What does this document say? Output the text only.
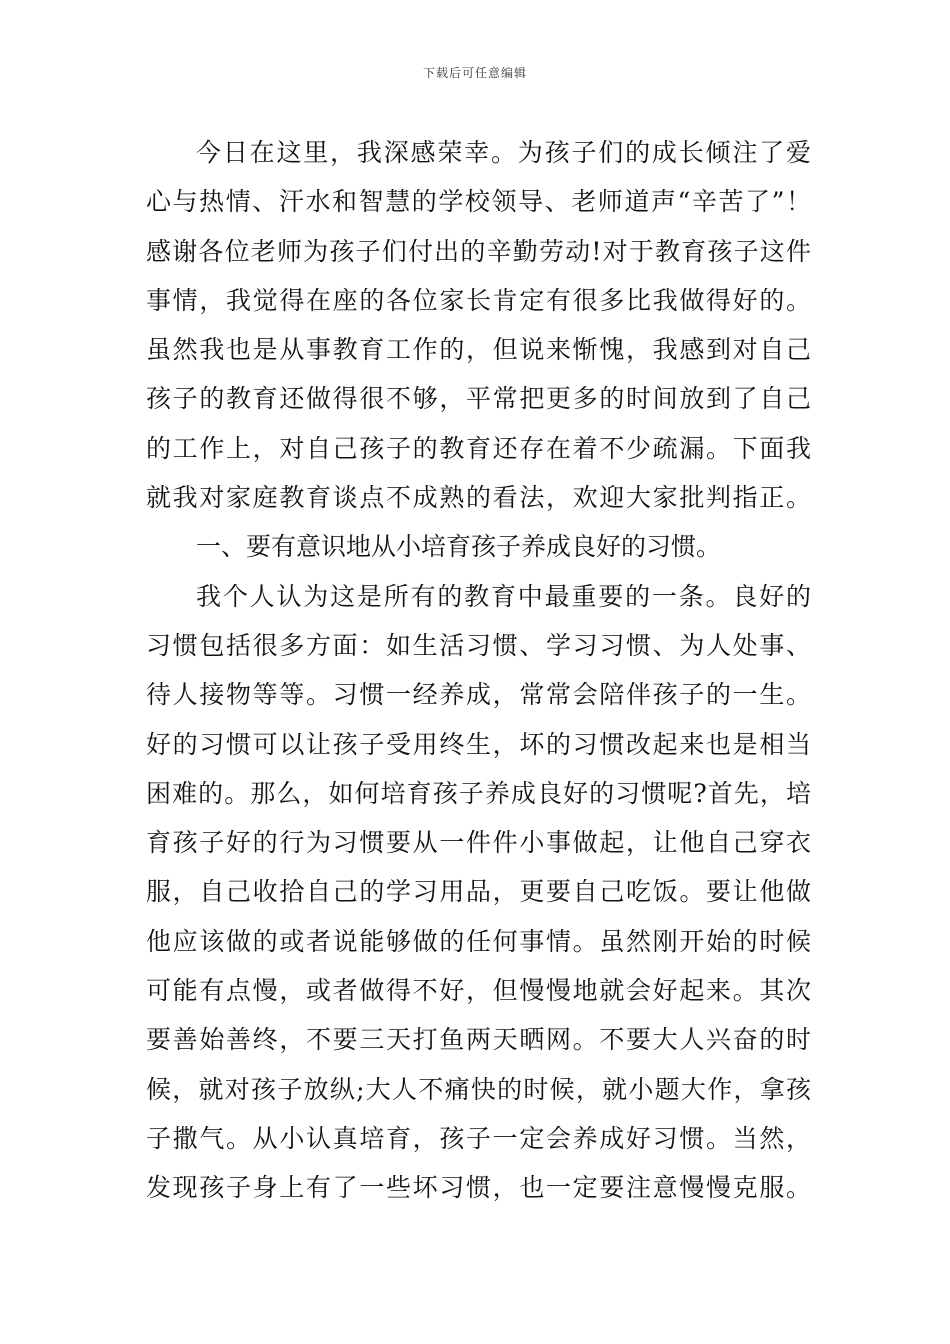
下载后可任意编辑

今日在这里，我深感荣幸。为孩子们的成长倾注了爱
心与热情、汗水和智慧的学校领导、老师道声“辛苦了”！
感谢各位老师为孩子们付出的辛勤劳动!对于教育孩子这件
事情，我觉得在座的各位家长肯定有很多比我做得好的。
虽然我也是从事教育工作的，但说来惭愧，我感到对自己
孩子的教育还做得很不够，平常把更多的时间放到了自己
的工作上，对自己孩子的教育还存在着不少疏漏。下面我
就我对家庭教育谈点不成熟的看法，欢迎大家批判指正。

一、要有意识地从小培育孩子养成良好的习惯。

我个人认为这是所有的教育中最重要的一条。良好的
习惯包括很多方面：如生活习惯、学习习惯、为人处事、
待人接物等等。习惯一经养成，常常会陪伴孩子的一生。
好的习惯可以让孩子受用终生，坏的习惯改起来也是相当
困难的。那么，如何培育孩子养成良好的习惯呢?首先，培
育孩子好的行为习惯要从一件件小事做起，让他自己穿衣
服，自己收拾自己的学习用品，更要自己吃饭。要让他做
他应该做的或者说能够做的任何事情。虽然刚开始的时候
可能有点慢，或者做得不好，但慢慢地就会好起来。其次
要善始善终，不要三天打鱼两天晒网。不要大人兴奋的时
候，就对孩子放纵;大人不痛快的时候，就小题大作，拿孩
子撒气。从小认真培育，孩子一定会养成好习惯。当然，
发现孩子身上有了一些坏习惯，也一定要注意慢慢克服。
